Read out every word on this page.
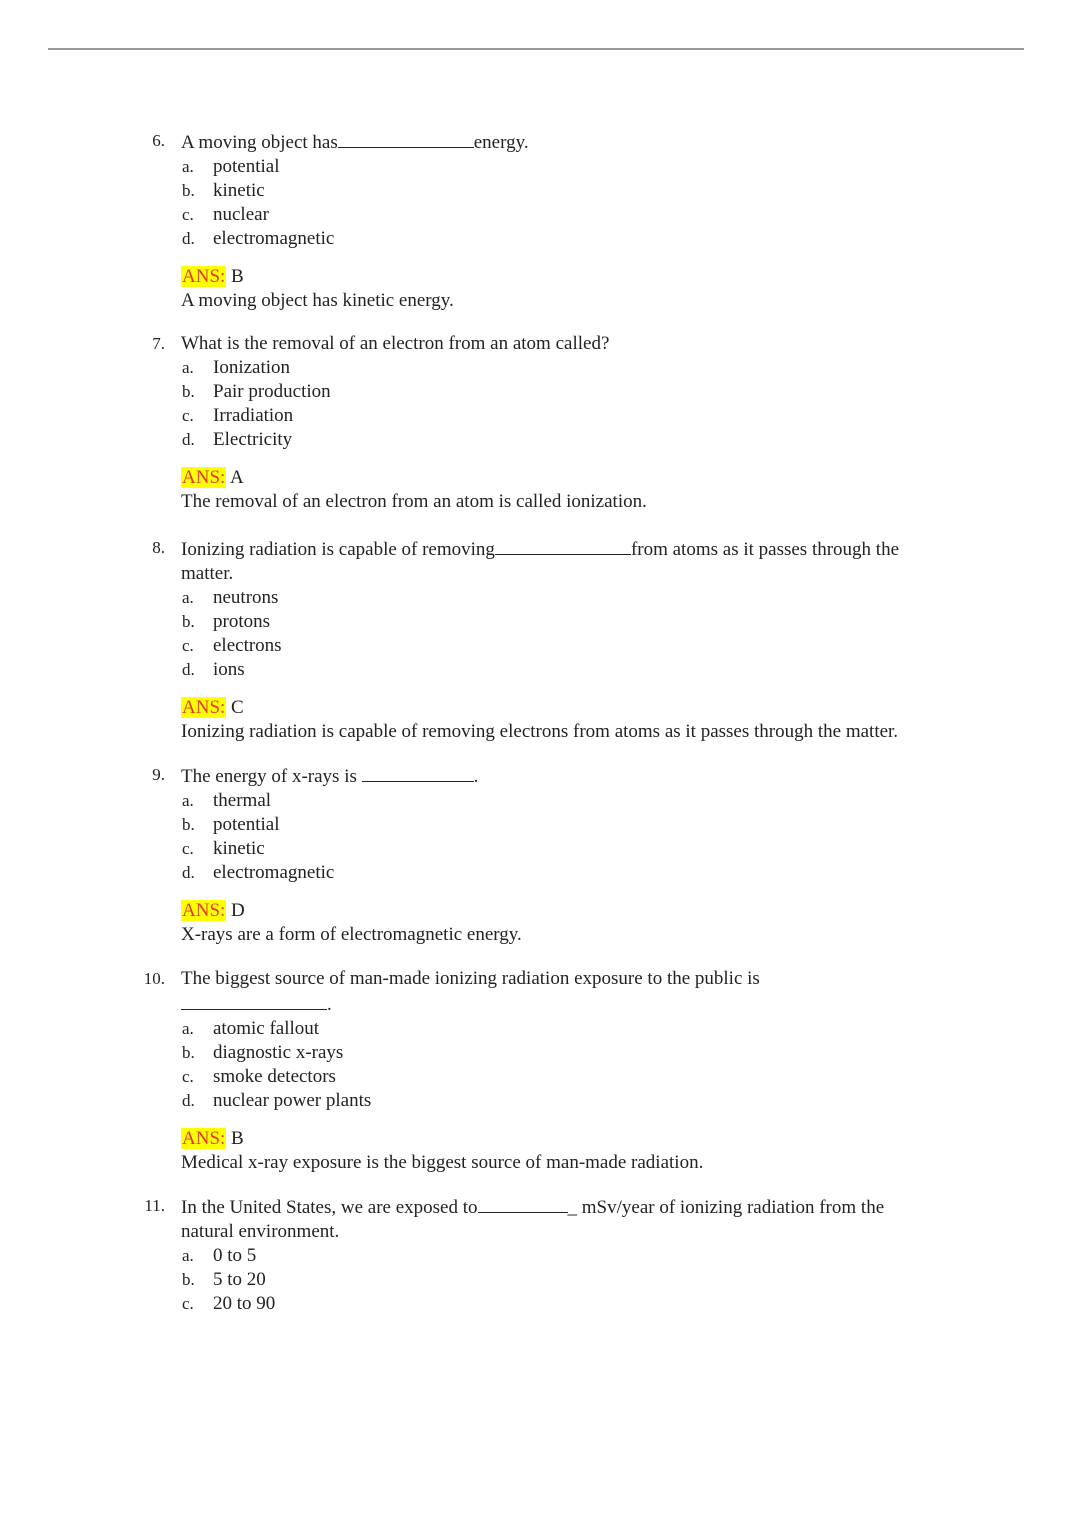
6. A moving object has	energy.
a. potential
b. kinetic
c. nuclear
d. electromagnetic
ANS: B
A moving object has kinetic energy.
7. What is the removal of an electron from an atom called?
a. Ionization
b. Pair production
c. Irradiation
d. Electricity
ANS: A
The removal of an electron from an atom is called ionization.
8. Ionizing radiation is capable of removing	from atoms as it passes through the
matter.
a. neutrons
b. protons
c. electrons
d. ions
ANS: C
Ionizing radiation is capable of removing electrons from atoms as it passes through the matter.
9. The energy of x-rays is	.
a. thermal
b. potential
c. kinetic
d. electromagnetic
ANS: D
X-rays are a form of electromagnetic energy.
10. The biggest source of man-made ionizing radiation exposure to the public is
.
a. atomic fallout
b. diagnostic x-rays
c. smoke detectors
d. nuclear power plants
ANS: B
Medical x-ray exposure is the biggest source of man-made radiation.
11. In the United States, we are exposed to	_ mSv/year of ionizing radiation from the
natural environment.
a. 0 to 5
b. 5 to 20
c. 20 to 90
